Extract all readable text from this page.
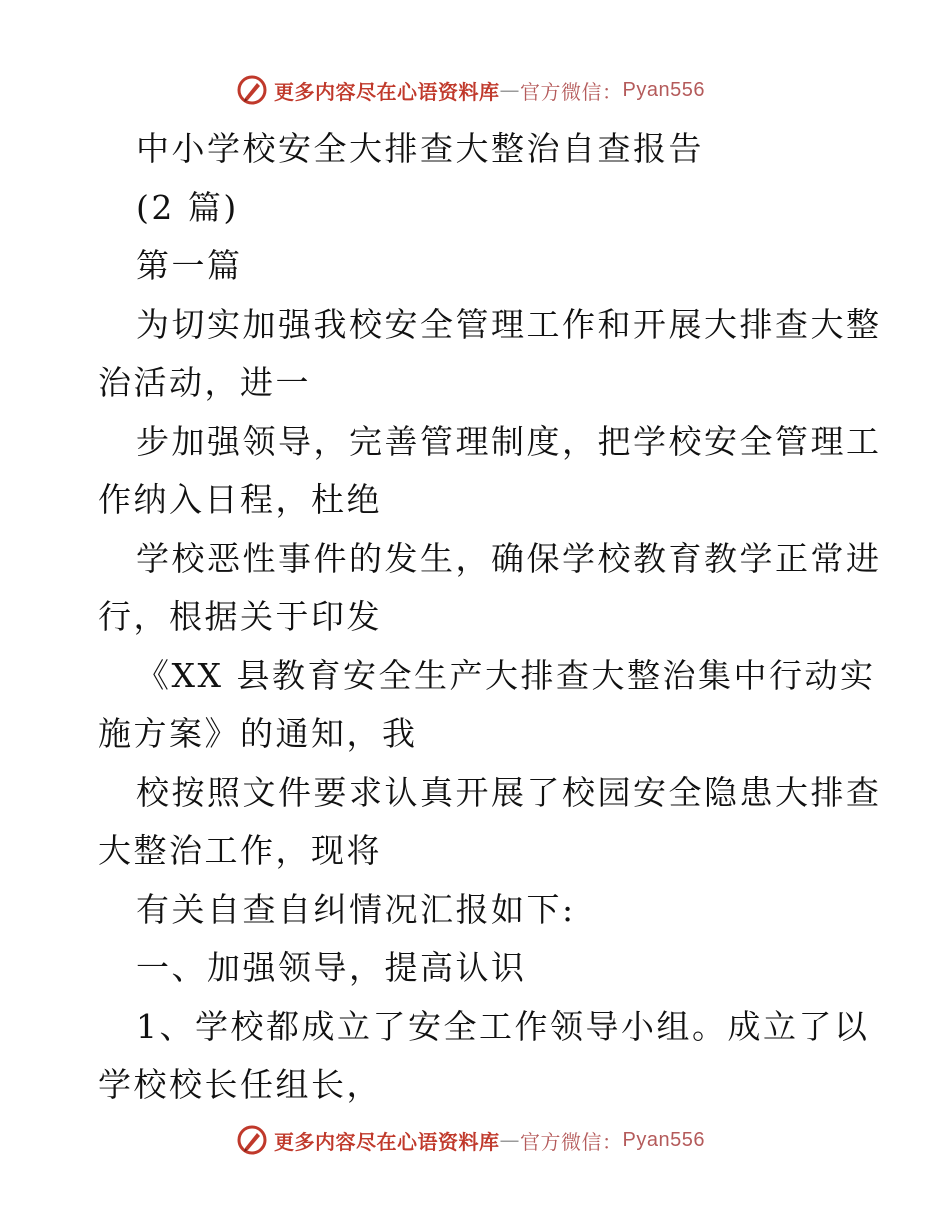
更多内容尽在心语资料库 — 官方微信： Pyan556
中小学校安全大排查大整治自查报告
(2 篇)
第一篇
为切实加强我校安全管理工作和开展大排查大整
治活动，进一
步加强领导，完善管理制度，把学校安全管理工
作纳入日程，杜绝
学校恶性事件的发生，确保学校教育教学正常进
行，根据关于印发
《XX 县教育安全生产大排查大整治集中行动实
施方案》的通知，我
校按照文件要求认真开展了校园安全隐患大排查
大整治工作，现将
有关自查自纠情况汇报如下:
一、加强领导，提高认识
1、学校都成立了安全工作领导小组。成立了以
学校校长任组长，
更多内容尽在心语资料库 — 官方微信： Pyan556
